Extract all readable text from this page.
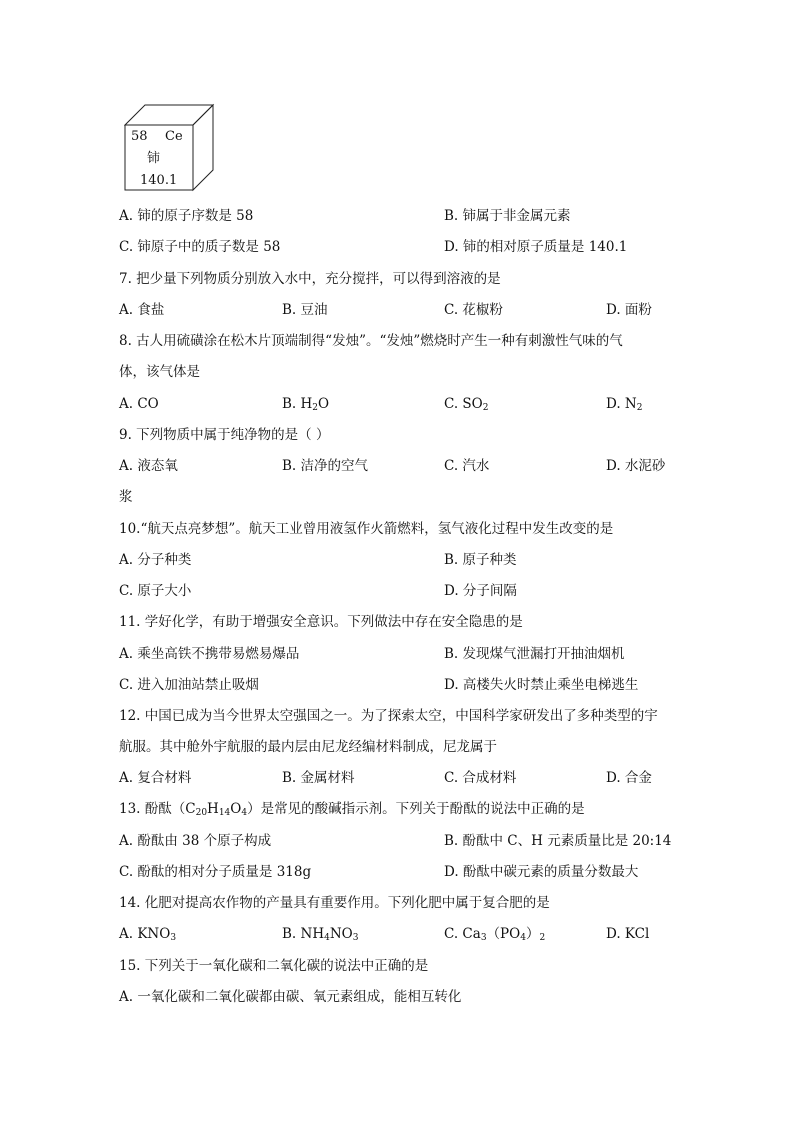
58 Ce
铈
140.1
A. 铈的原子序数是 58	B. 铈属于非金属元素
C. 铈原子中的质子数是 58	D. 铈的相对原子质量是 140.1
7. 把少量下列物质分别放入水中，充分搅拌，可以得到溶液的是
A. 食盐	B. 豆油	C. 花椒粉	D. 面粉
8. 古人用硫磺涂在松木片顶端制得“发烛”。“发烛”燃烧时产生一种有刺激性气味的气
体，该气体是
A. CO	B. $H_2O$	C. $SO_2$	D. $N_2$
9. 下列物质中属于纯净物的是（ ）
A. 液态氧	B. 洁净的空气	C. 汽水	D. 水泥砂
浆
10.“航天点亮梦想”。航天工业曾用液氢作火箭燃料，氢气液化过程中发生改变的是
A. 分子种类	B. 原子种类
C. 原子大小	D. 分子间隔
11. 学好化学，有助于增强安全意识。下列做法中存在安全隐患的是
A. 乘坐高铁不携带易燃易爆品	B. 发现煤气泄漏打开抽油烟机
C. 进入加油站禁止吸烟	D. 高楼失火时禁止乘坐电梯逃生
12. 中国已成为当今世界太空强国之一。为了探索太空，中国科学家研发出了多种类型的宇
航服。其中舱外宇航服的最内层由尼龙经编材料制成，尼龙属于
A. 复合材料	B. 金属材料	C. 合成材料	D. 合金
13. 酚酞$(C_{20}H_{14}O_4)$是常见的酸碱指示剂。下列关于酚酞的说法中正确的是
A. 酚酞由 38 个原子构成	B. 酚酞中 C、H 元素质量比是 20:14
C. 酚酞的相对分子质量是 318g	D. 酚酞中碳元素的质量分数最大
14. 化肥对提高农作物的产量具有重要作用。下列化肥中属于复合肥的是
A. $KNO_3$	B. $NH_4NO_3$	C. $Ca_3(PO_4)_2$	D. KCl
15. 下列关于一氧化碳和二氧化碳的说法中正确的是
A. 一氧化碳和二氧化碳都由碳、氧元素组成，能相互转化
